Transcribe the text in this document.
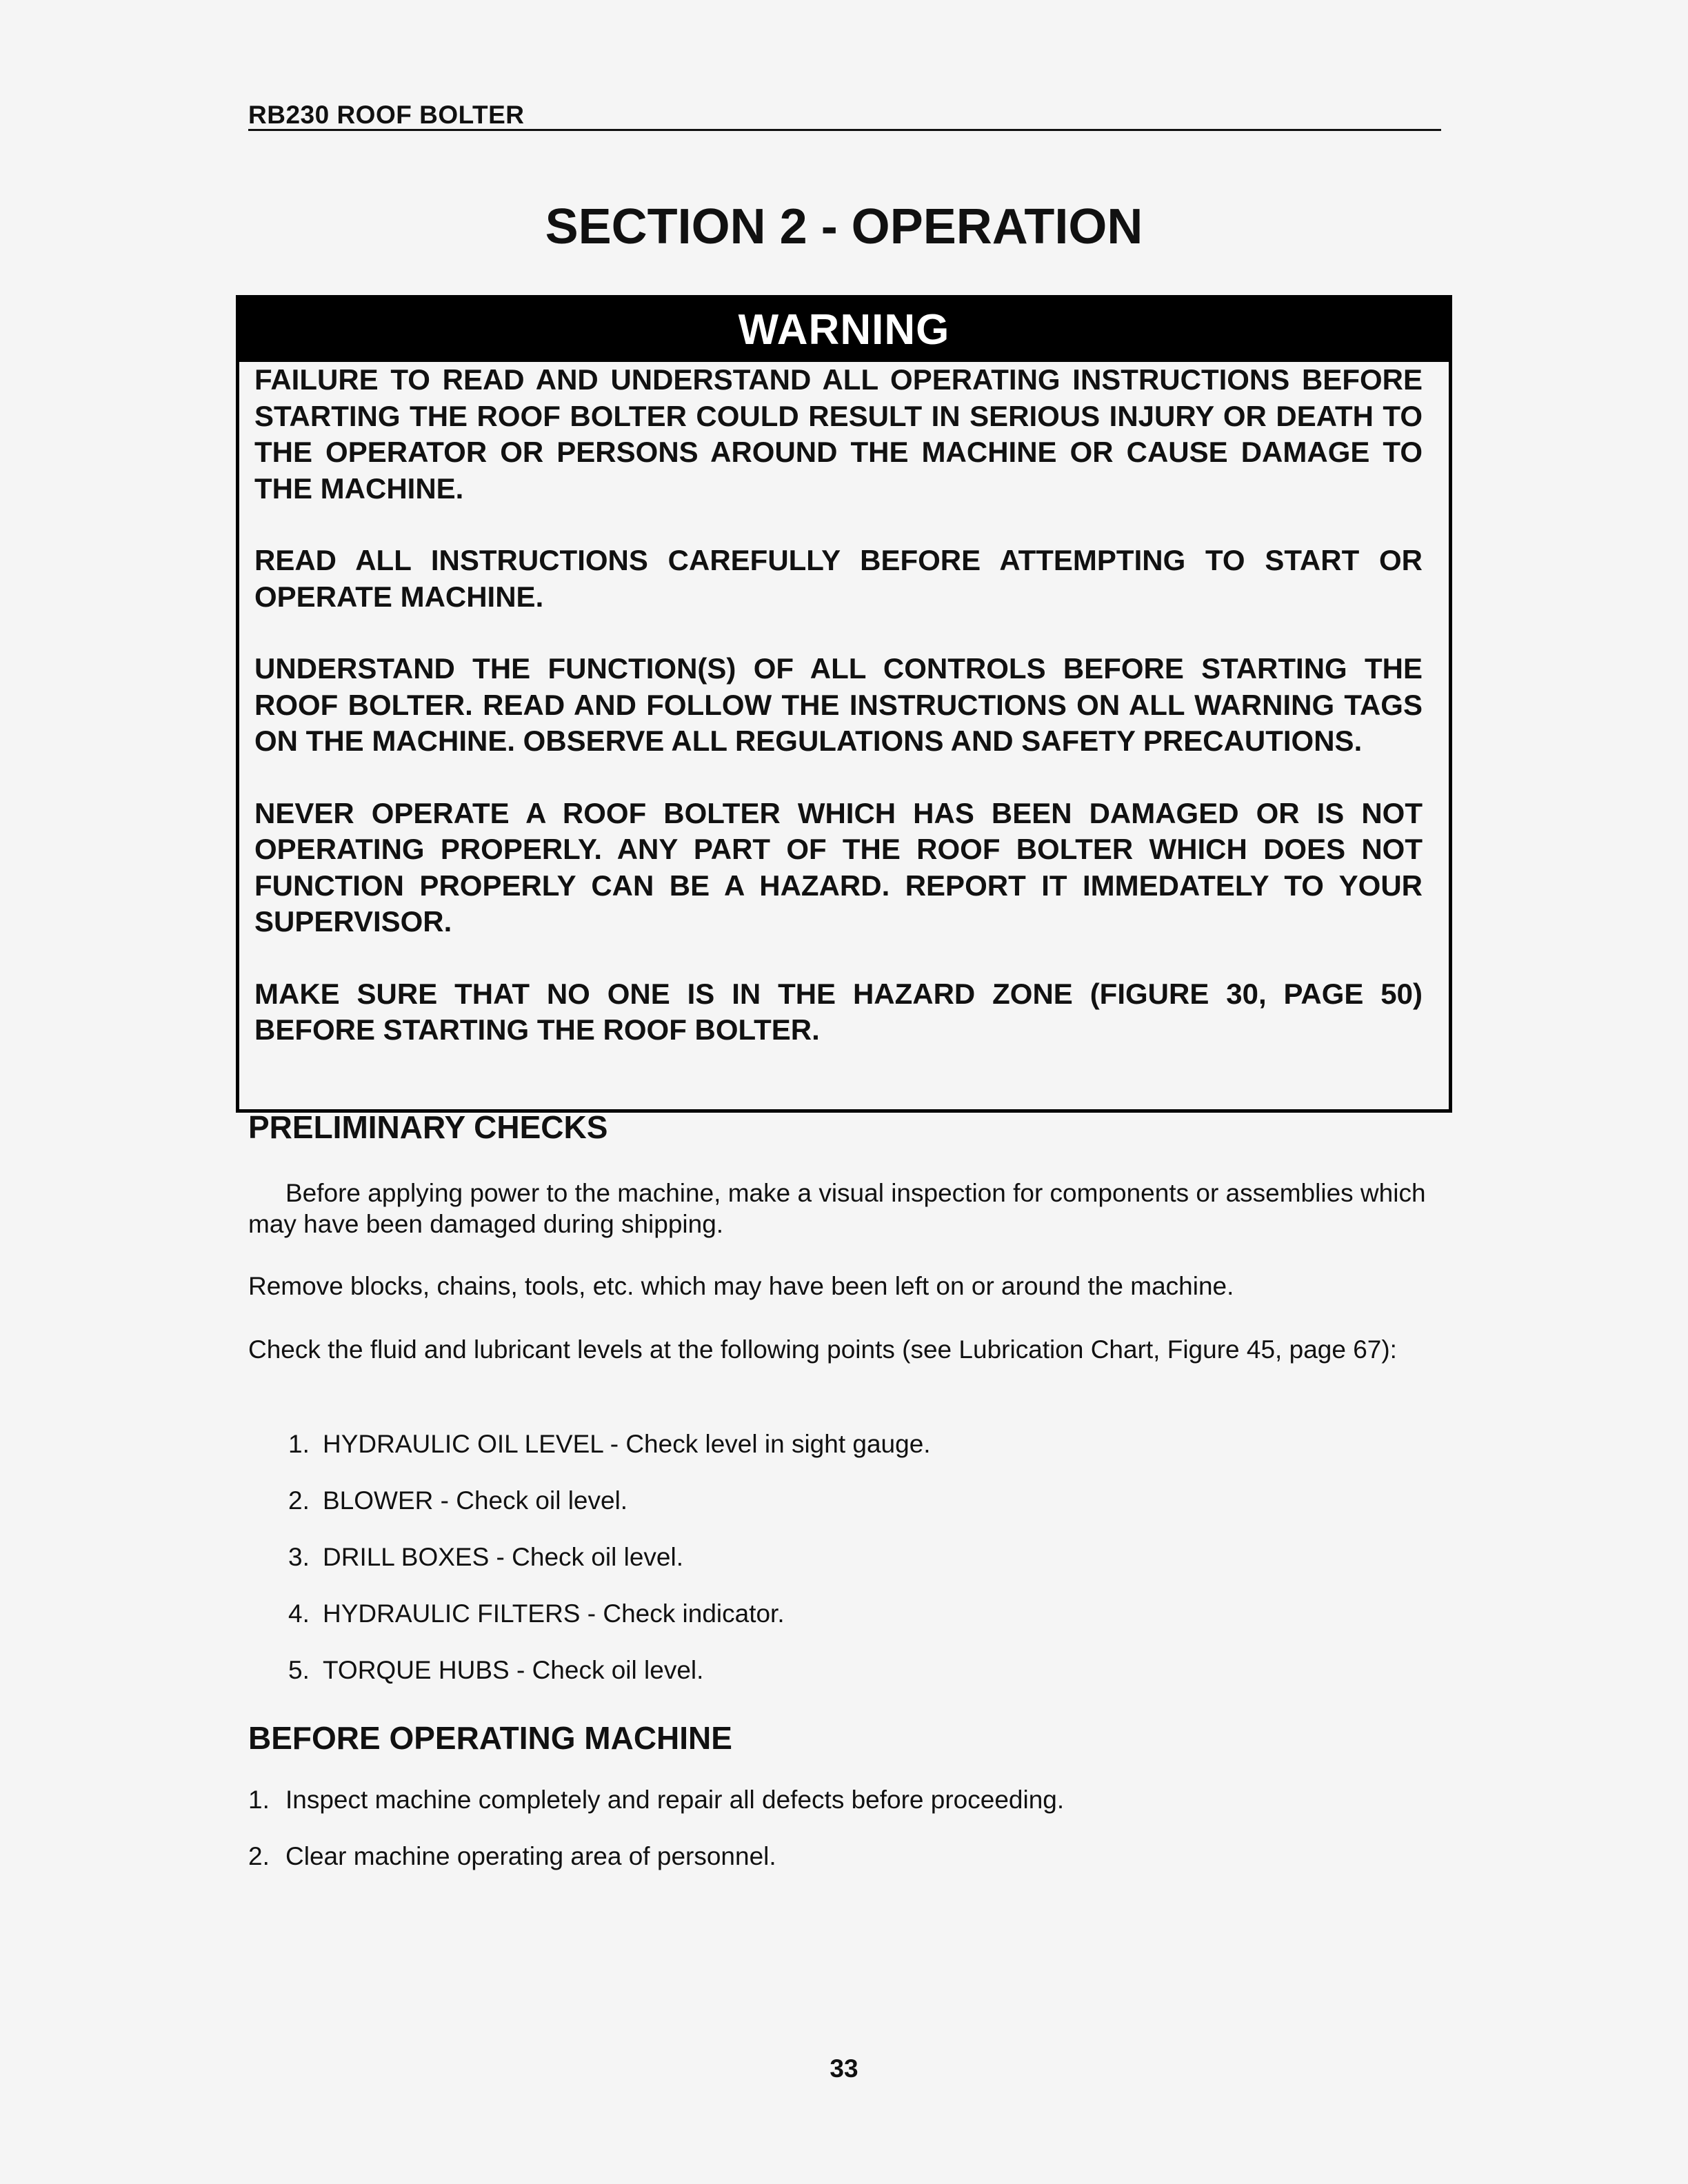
RB230 ROOF BOLTER
SECTION 2 - OPERATION
WARNING

FAILURE TO READ AND UNDERSTAND ALL OPERATING INSTRUCTIONS BEFORE STARTING THE ROOF BOLTER COULD RESULT IN SERIOUS INJURY OR DEATH TO THE OPERATOR OR PERSONS AROUND THE MACHINE OR CAUSE DAMAGE TO THE MACHINE.

READ ALL INSTRUCTIONS CAREFULLY BEFORE ATTEMPTING TO START OR OPERATE MACHINE.

UNDERSTAND THE FUNCTION(S) OF ALL CONTROLS BEFORE STARTING THE ROOF BOLTER. READ AND FOLLOW THE INSTRUCTIONS ON ALL WARNING TAGS ON THE MACHINE. OBSERVE ALL REGULATIONS AND SAFETY PRECAUTIONS.

NEVER OPERATE A ROOF BOLTER WHICH HAS BEEN DAMAGED OR IS NOT OPERATING PROPERLY. ANY PART OF THE ROOF BOLTER WHICH DOES NOT FUNCTION PROPERLY CAN BE A HAZARD. REPORT IT IMMEDATELY TO YOUR SUPERVISOR.

MAKE SURE THAT NO ONE IS IN THE HAZARD ZONE (FIGURE 30, PAGE 50) BEFORE STARTING THE ROOF BOLTER.

PRELIMINARY CHECKS
Before applying power to the machine, make a visual inspection for components or assemblies which may have been damaged during shipping.
Remove blocks, chains, tools, etc. which may have been left on or around the machine.
Check the fluid and lubricant levels at the following points (see Lubrication Chart, Figure 45, page 67):
1. HYDRAULIC OIL LEVEL - Check level in sight gauge.
2. BLOWER - Check oil level.
3. DRILL BOXES - Check oil level.
4. HYDRAULIC FILTERS - Check indicator.
5. TORQUE HUBS - Check oil level.
BEFORE OPERATING MACHINE
1. Inspect machine completely and repair all defects before proceeding.
2. Clear machine operating area of personnel.
33
